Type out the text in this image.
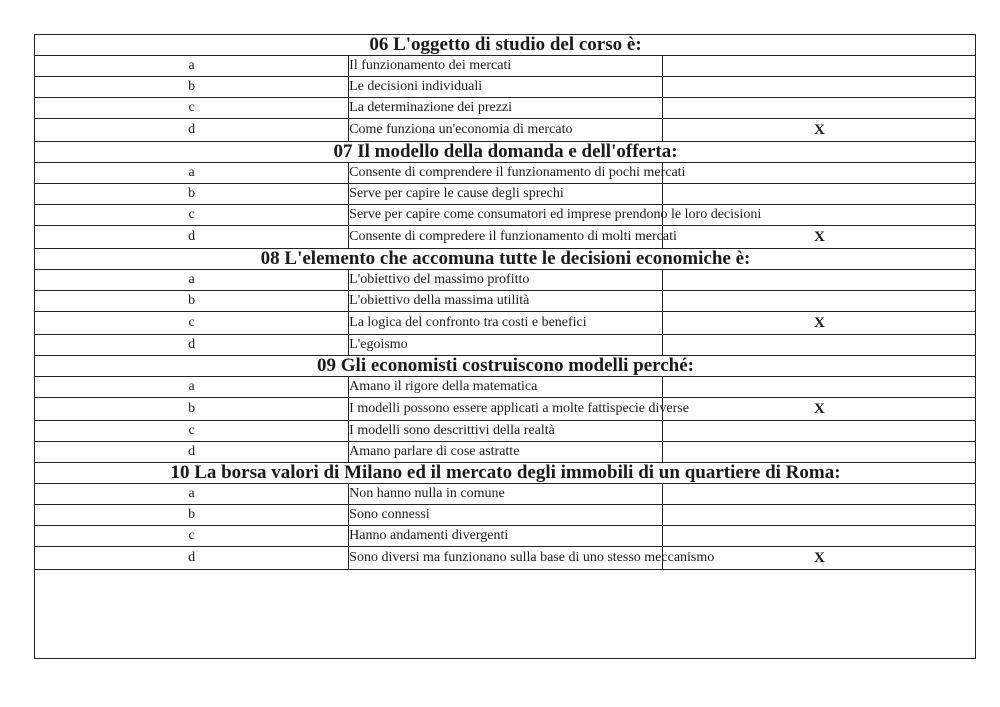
06 L'oggetto di studio del corso è:		
a	Il funzionamento dei mercati	
b	Le decisioni individuali	
c	La determinazione dei prezzi	
d	Come funziona un'economia di mercato	X
07 Il modello della domanda e dell'offerta:		
a	Consente di comprendere il funzionamento di pochi mercati	
b	Serve per capire le cause degli sprechi	
c	Serve per capire come consumatori ed imprese prendono le loro decisioni	
d	Consente di compredere il funzionamento di molti mercati	X
08 L'elemento che accomuna tutte le decisioni economiche è:		
a	L'obiettivo del massimo profitto	
b	L'obiettivo della massima utilità	
c	La logica del confronto tra costi e benefici	X
d	L'egoismo	
09 Gli economisti costruiscono modelli perché:		
a	Amano il rigore della matematica	
b	I modelli possono essere applicati a molte fattispecie diverse	X
c	I modelli sono descrittivi della realtà	
d	Amano parlare di cose astratte	
10 La borsa valori di Milano ed il mercato degli immobili di un quartiere di Roma:		
a	Non hanno nulla in comune	
b	Sono connessi	
c	Hanno andamenti divergenti	
d	Sono diversi ma funzionano sulla base di uno stesso meccanismo	X
